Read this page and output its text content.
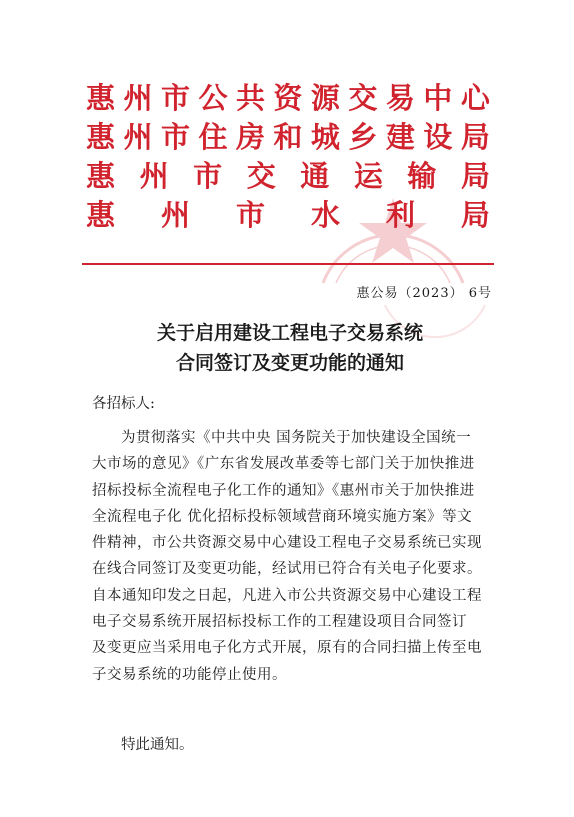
惠 州 市 公 共 资 源 交 易 中 心
惠 州 市 住 房 和 城 乡 建 设 局
惠 州 市 交 通 运 输 局
惠 州 市 水 利 局
惠公易（2023） 6号
关于启用建设工程电子交易系统
合同签订及变更功能的通知
各招标人:
为贯彻落实《中共中央 国务院关于加快建设全国统一
大市场的意见》《广东省发展改革委等七部门关于加快推进
招标投标全流程电子化工作的通知》《惠州市关于加快推进
全流程电子化 优化招标投标领域营商环境实施方案》等文
件精神，市公共资源交易中心建设工程电子交易系统已实现
在线合同签订及变更功能，经试用已符合有关电子化要求。
自本通知印发之日起，凡进入市公共资源交易中心建设工程
电子交易系统开展招标投标工作的工程建设项目合同签订
及变更应当采用电子化方式开展，原有的合同扫描上传至电
子交易系统的功能停止使用。
特此通知。
